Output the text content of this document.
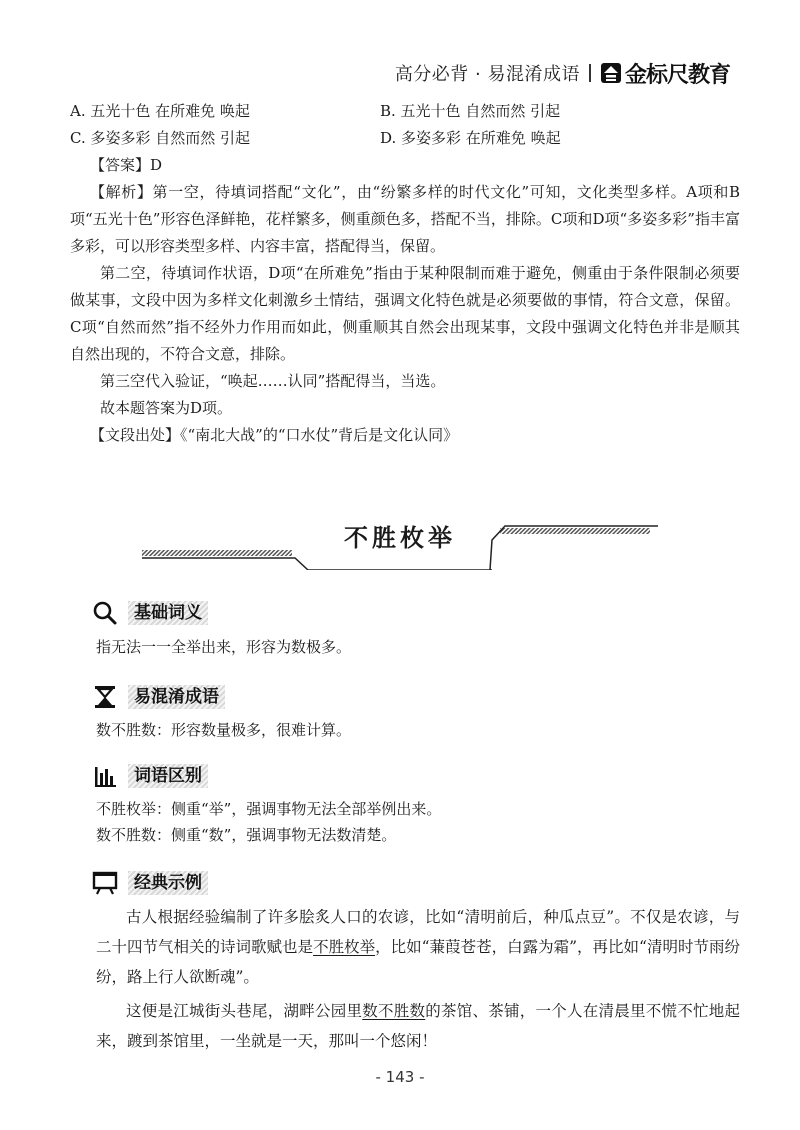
高分必背 · 易混淆成语 金标尺教育
A. 五光十色 在所难免 唤起	B. 五光十色 自然而然 引起
C. 多姿多彩 自然而然 引起	D. 多姿多彩 在所难免 唤起

【答案】D

【解析】第一空，待填词搭配“文化”，由“纷繁多样的时代文化”可知，文化类型多样。A项和B项“五光十色”形容色泽鲜艳，花样繁多，侧重颜色多，搭配不当，排除。C项和D项“多姿多彩”指丰富多彩，可以形容类型多样、内容丰富，搭配得当，保留。

第二空，待填词作状语，D项“在所难免”指由于某种限制而难于避免，侧重由于条件限制必须要做某事，文段中因为多样文化刺激乡土情结，强调文化特色就是必须要做的事情，符合文意，保留。C项“自然而然”指不经外力作用而如此，侧重顺其自然会出现某事，文段中强调文化特色并非是顺其自然出现的，不符合文意，排除。

第三空代入验证，“唤起……认同”搭配得当，当选。

故本题答案为D项。

【文段出处】《“南北大战”的“口水仗”背后是文化认同》

不胜枚举
基础词义
指无法一一全举出来，形容为数极多。
易混淆成语
数不胜数：形容数量极多，很难计算。
词语区别
不胜枚举：侧重“举”，强调事物无法全部举例出来。
数不胜数：侧重“数”，强调事物无法数清楚。
经典示例

古人根据经验编制了许多脍炙人口的农谚，比如“清明前后，种瓜点豆”。不仅是农谚，与二十四节气相关的诗词歌赋也是不胜枚举，比如“蒹葭苍苍，白露为霜”，再比如“清明时节雨纷纷，路上行人欲断魂”。

这便是江城街头巷尾，湖畔公园里数不胜数的茶馆、茶铺，一个人在清晨里不慌不忙地起来，踱到茶馆里，一坐就是一天，那叫一个悠闲！

- 143 -
